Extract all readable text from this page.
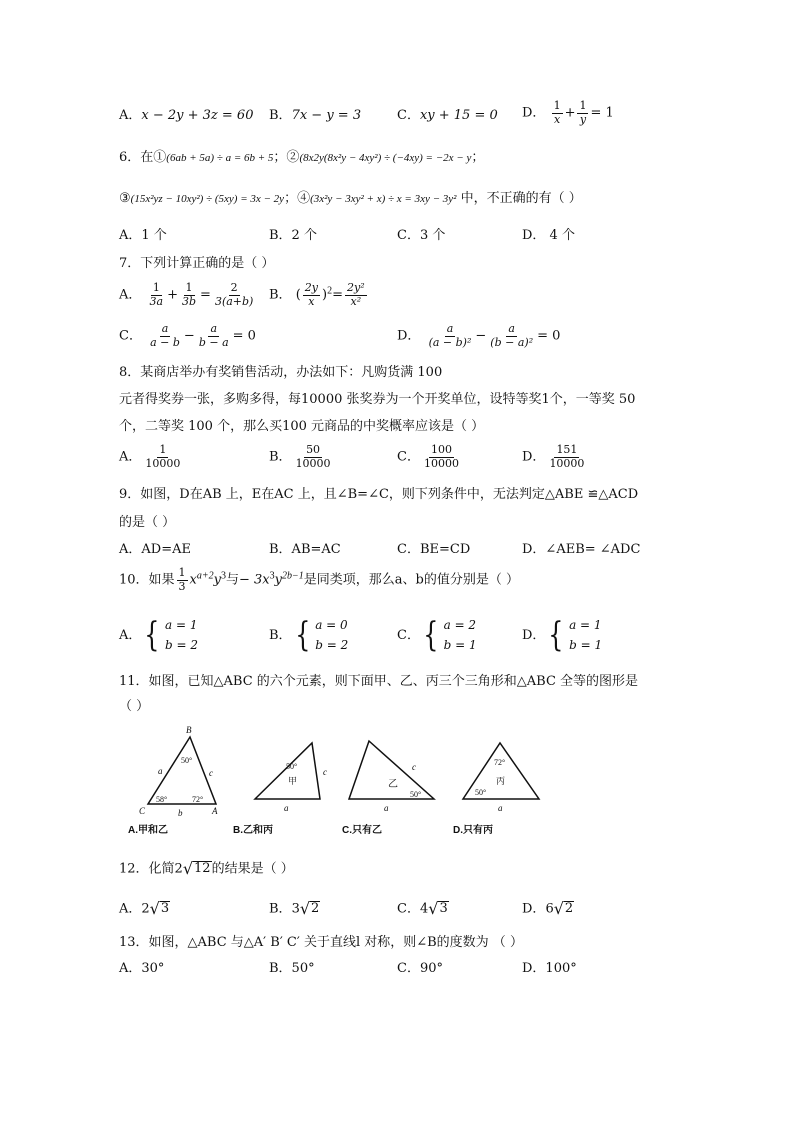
A．x − 2y + 3z = 60 B．7x − y = 3	C．xy + 15 = 0 D． $\frac{1}{x} + \frac{1}{y} = 1$
6．在①(6ab + 5a) ÷ a = 6b + 5；②(8x2y(8x²y − 4xy²) ÷ (−4xy) = −2x − y；
③(15x²yz − 10xy²) ÷ (5xy) = 3x − 2y；④(3x²y − 3xy² + x) ÷ x = 3xy − 3y² 中，不正确的有（ ）
A．1 个	B．2 个	C．3 个	D． 4 个
7．下列计算正确的是（ ）
A． $\frac{1}{3a} + \frac{1}{3b} = \frac{2}{3(a+b)}$ B． ( $\frac{2y}{x} )^2= \frac{\text{2y²}}{\text{x²}}$
C． $\frac{a}{a - b} - \frac{a}{b - a} = 0$	D． $\frac{a}{\text{(a − b)²}} - \frac{a}{\text{(b − a)²}} = 0$
8．某商店举办有奖销售活动，办法如下：凡购货满 100
元者得奖券一张，多购多得，每10000 张奖券为一个开奖单位，设特等奖1个，一等奖 50
个，二等奖 100 个，那么买100 元商品的中奖概率应该是（ ）
A． $\frac{1}{10000}$	B． $\frac{50}{10000}$	C． $\frac{100}{10000}$	D． $\frac{151}{10000}$
9．如图，D在AB 上，E在AC 上，且∠B=∠C，则下列条件中，无法判定△ABE ≌△ACD
的是（ ）
A．AD=AE	B．AB=AC	C．BE=CD	D．∠AEB= ∠ADC
10．如果 $\frac{1}{3} x^{a+2}y^3$与− $3x^3y^{2b-1}$是同类项，那么a、b的值分别是（ ）
A． { a = 1
b = 2
B． { a = 0
b = 2
C． { a = 2
b = 1
D． { a = 1
b = 1
11．如图，已知△ABC 的六个元素，则下面甲、乙、丙三个三角形和△ABC 全等的图形是
（ ）
B
C	A
a
b
c
50°
58°	72°
50°
甲
c
a
乙
50°
c
a
72°
丙
50°
a
A.甲和乙	B.乙和丙	C.只有乙	D.只有丙
12．化简2 √ 12 的结果是（ ）
A．2 √ 3	B．3 √ 2	C．4 √ 3	D．6 √ 2
13．如图，△ABC 与△A′ B′ C′ 关于直线l 对称，则∠B的度数为 （ ）
A．30°	B．50°	C．90°	D．100°
